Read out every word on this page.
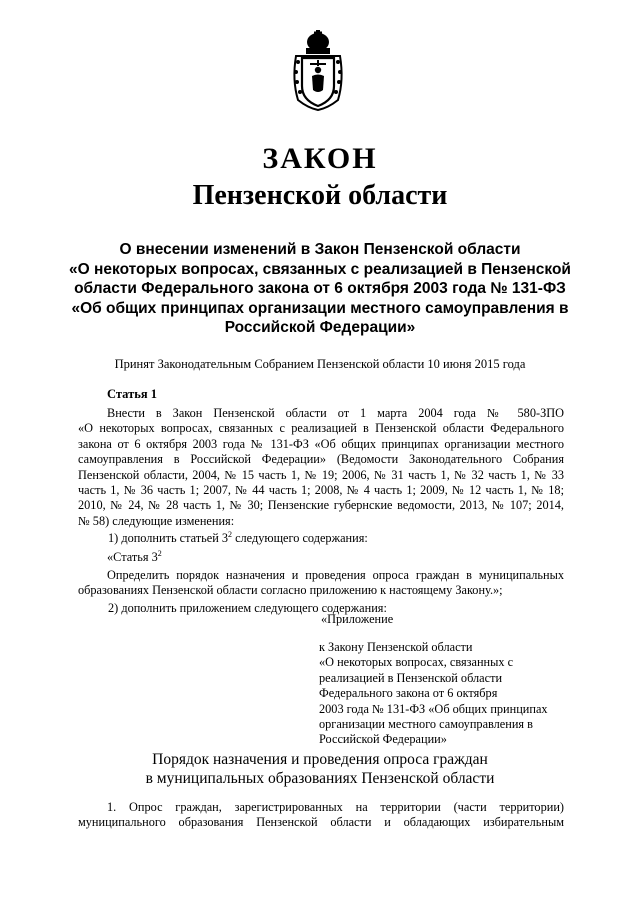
ЗАКОН
Пензенской области
О внесении изменений в Закон Пензенской области
«О некоторых вопросах, связанных с реализацией в Пензенской
области Федерального закона от 6 октября 2003 года № 131-ФЗ
«Об общих принципах организации местного самоуправления в
Российской Федерации»
Принят Законодательным Собранием Пензенской области 10 июня 2015 года
Статья 1
Внести в Закон Пензенской области от 1 марта 2004 года № 580-ЗПО
«О некоторых вопросах, связанных с реализацией в Пензенской области Федерального
закона от 6 октября 2003 года № 131-ФЗ «Об общих принципах организации местного
самоуправления в Российской Федерации» (Ведомости Законодательного Собрания
Пензенской области, 2004, № 15 часть 1, № 19; 2006, № 31 часть 1, № 32 часть 1, № 33
часть 1, № 36 часть 1; 2007, № 44 часть 1; 2008, № 4 часть 1; 2009, № 12 часть 1, № 18;
2010, № 24, № 28 часть 1, № 30; Пензенские губернские ведомости, 2013, № 107; 2014,
№ 58) следующие изменения:
1) дополнить статьей $3^2$ следующего содержания:
«Статья $3^2$
Определить порядок назначения и проведения опроса граждан в муниципальных
образованиях Пензенской области согласно приложению к настоящему Закону.»;
2) дополнить приложением следующего содержания:
«Приложение
к Закону Пензенской области
«О некоторых вопросах, связанных с
реализацией в Пензенской области
Федерального закона от 6 октября
2003 года № 131-ФЗ «Об общих принципах
организации местного самоуправления в
Российской Федерации»
Порядок назначения и проведения опроса граждан
в муниципальных образованиях Пензенской области
1. Опрос граждан, зарегистрированных на территории (части территории)
муниципального образования Пензенской области и обладающих избирательным
